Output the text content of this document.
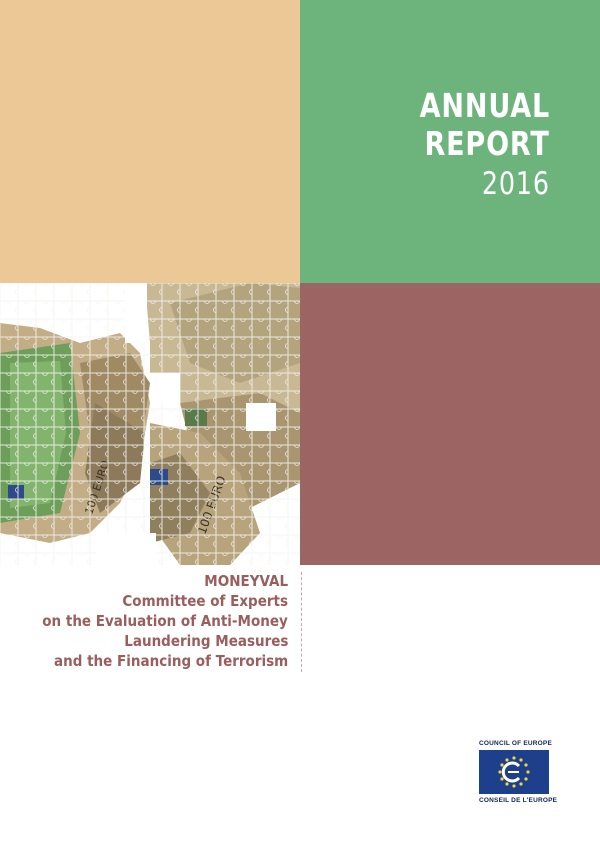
ANNUAL
REPORT
2016
MONEYVAL
Committee of Experts
on the Evaluation of Anti-Money
Laundering Measures
and the Financing of Terrorism
COUNCIL OF EUROPE
CONSEIL DE L'EUROPE
